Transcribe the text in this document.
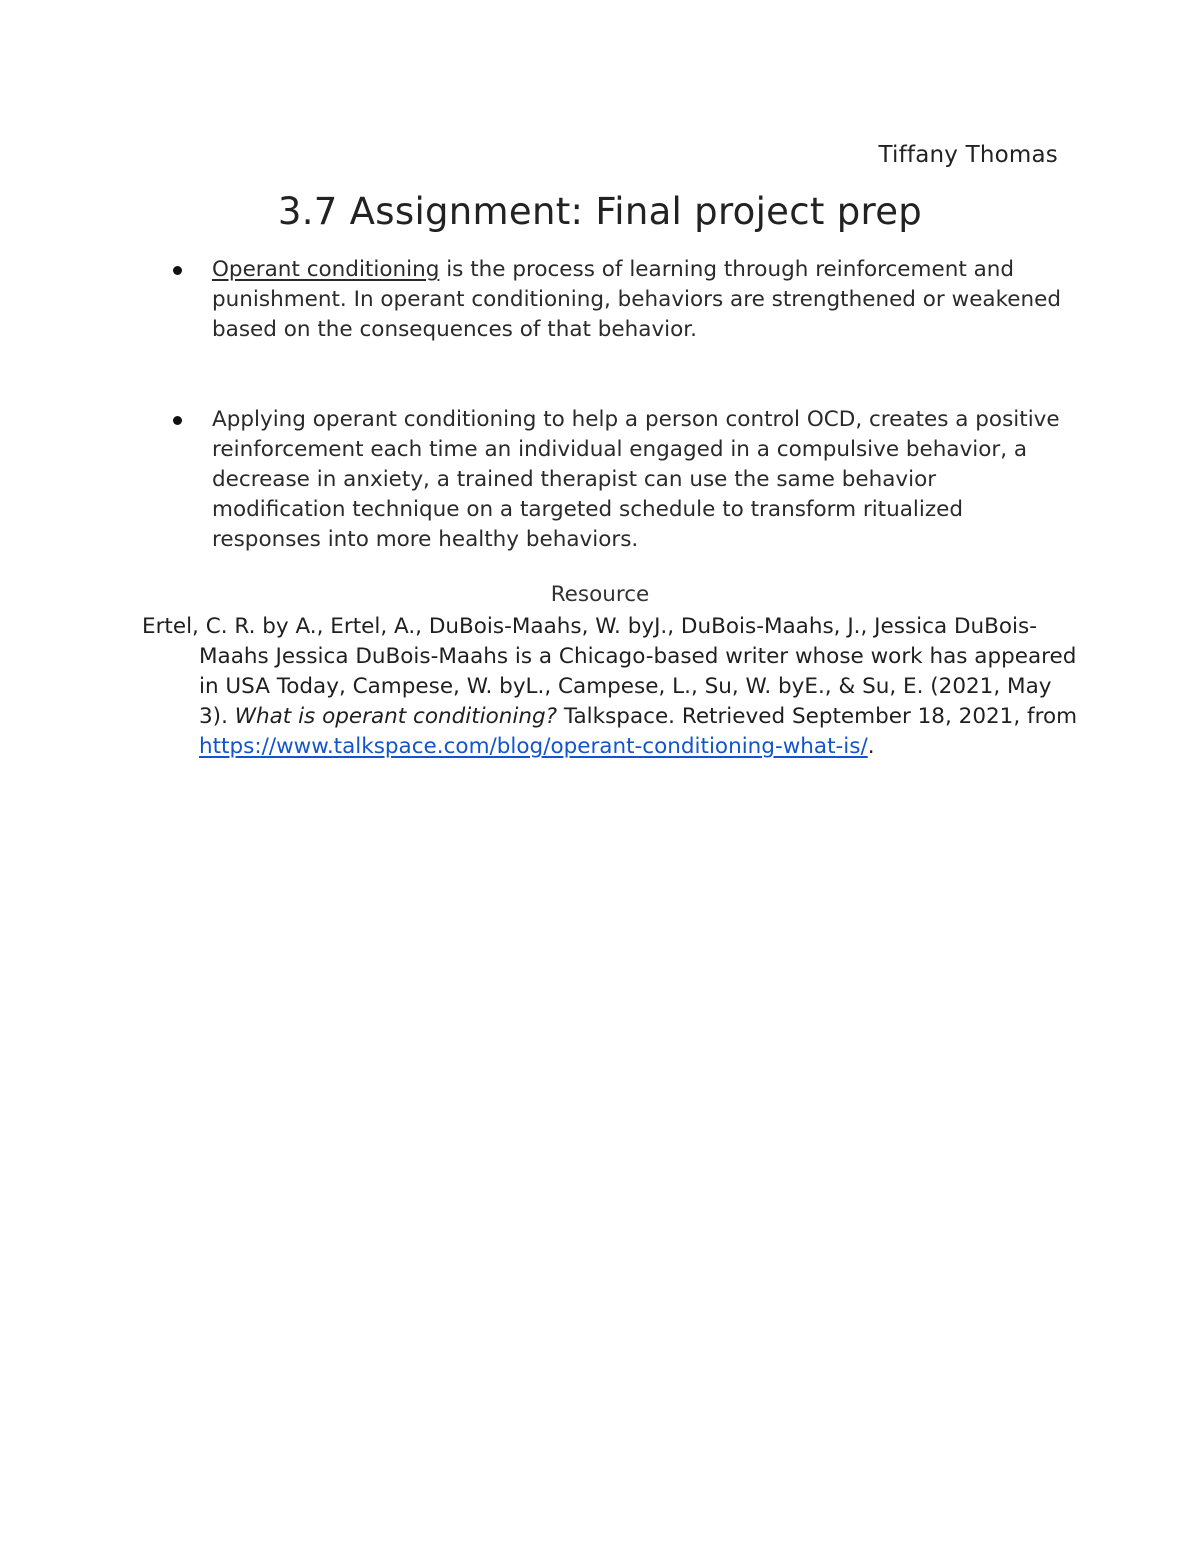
Tiffany Thomas
3.7 Assignment: Final project prep
Operant conditioning is the process of learning through reinforcement and punishment. In operant conditioning, behaviors are strengthened or weakened based on the consequences of that behavior.
Applying operant conditioning to help a person control OCD, creates a positive reinforcement each time an individual engaged in a compulsive behavior, a decrease in anxiety, a trained therapist can use the same behavior modification technique on a targeted schedule to transform ritualized responses into more healthy behaviors.
Resource
Ertel, C. R. by A., Ertel, A., DuBois-Maahs, W. byJ., DuBois-Maahs, J., Jessica DuBois-Maahs Jessica DuBois-Maahs is a Chicago-based writer whose work has appeared in USA Today, Campese, W. byL., Campese, L., Su, W. byE., & Su, E. (2021, May 3). What is operant conditioning? Talkspace. Retrieved September 18, 2021, from https://www.talkspace.com/blog/operant-conditioning-what-is/.
